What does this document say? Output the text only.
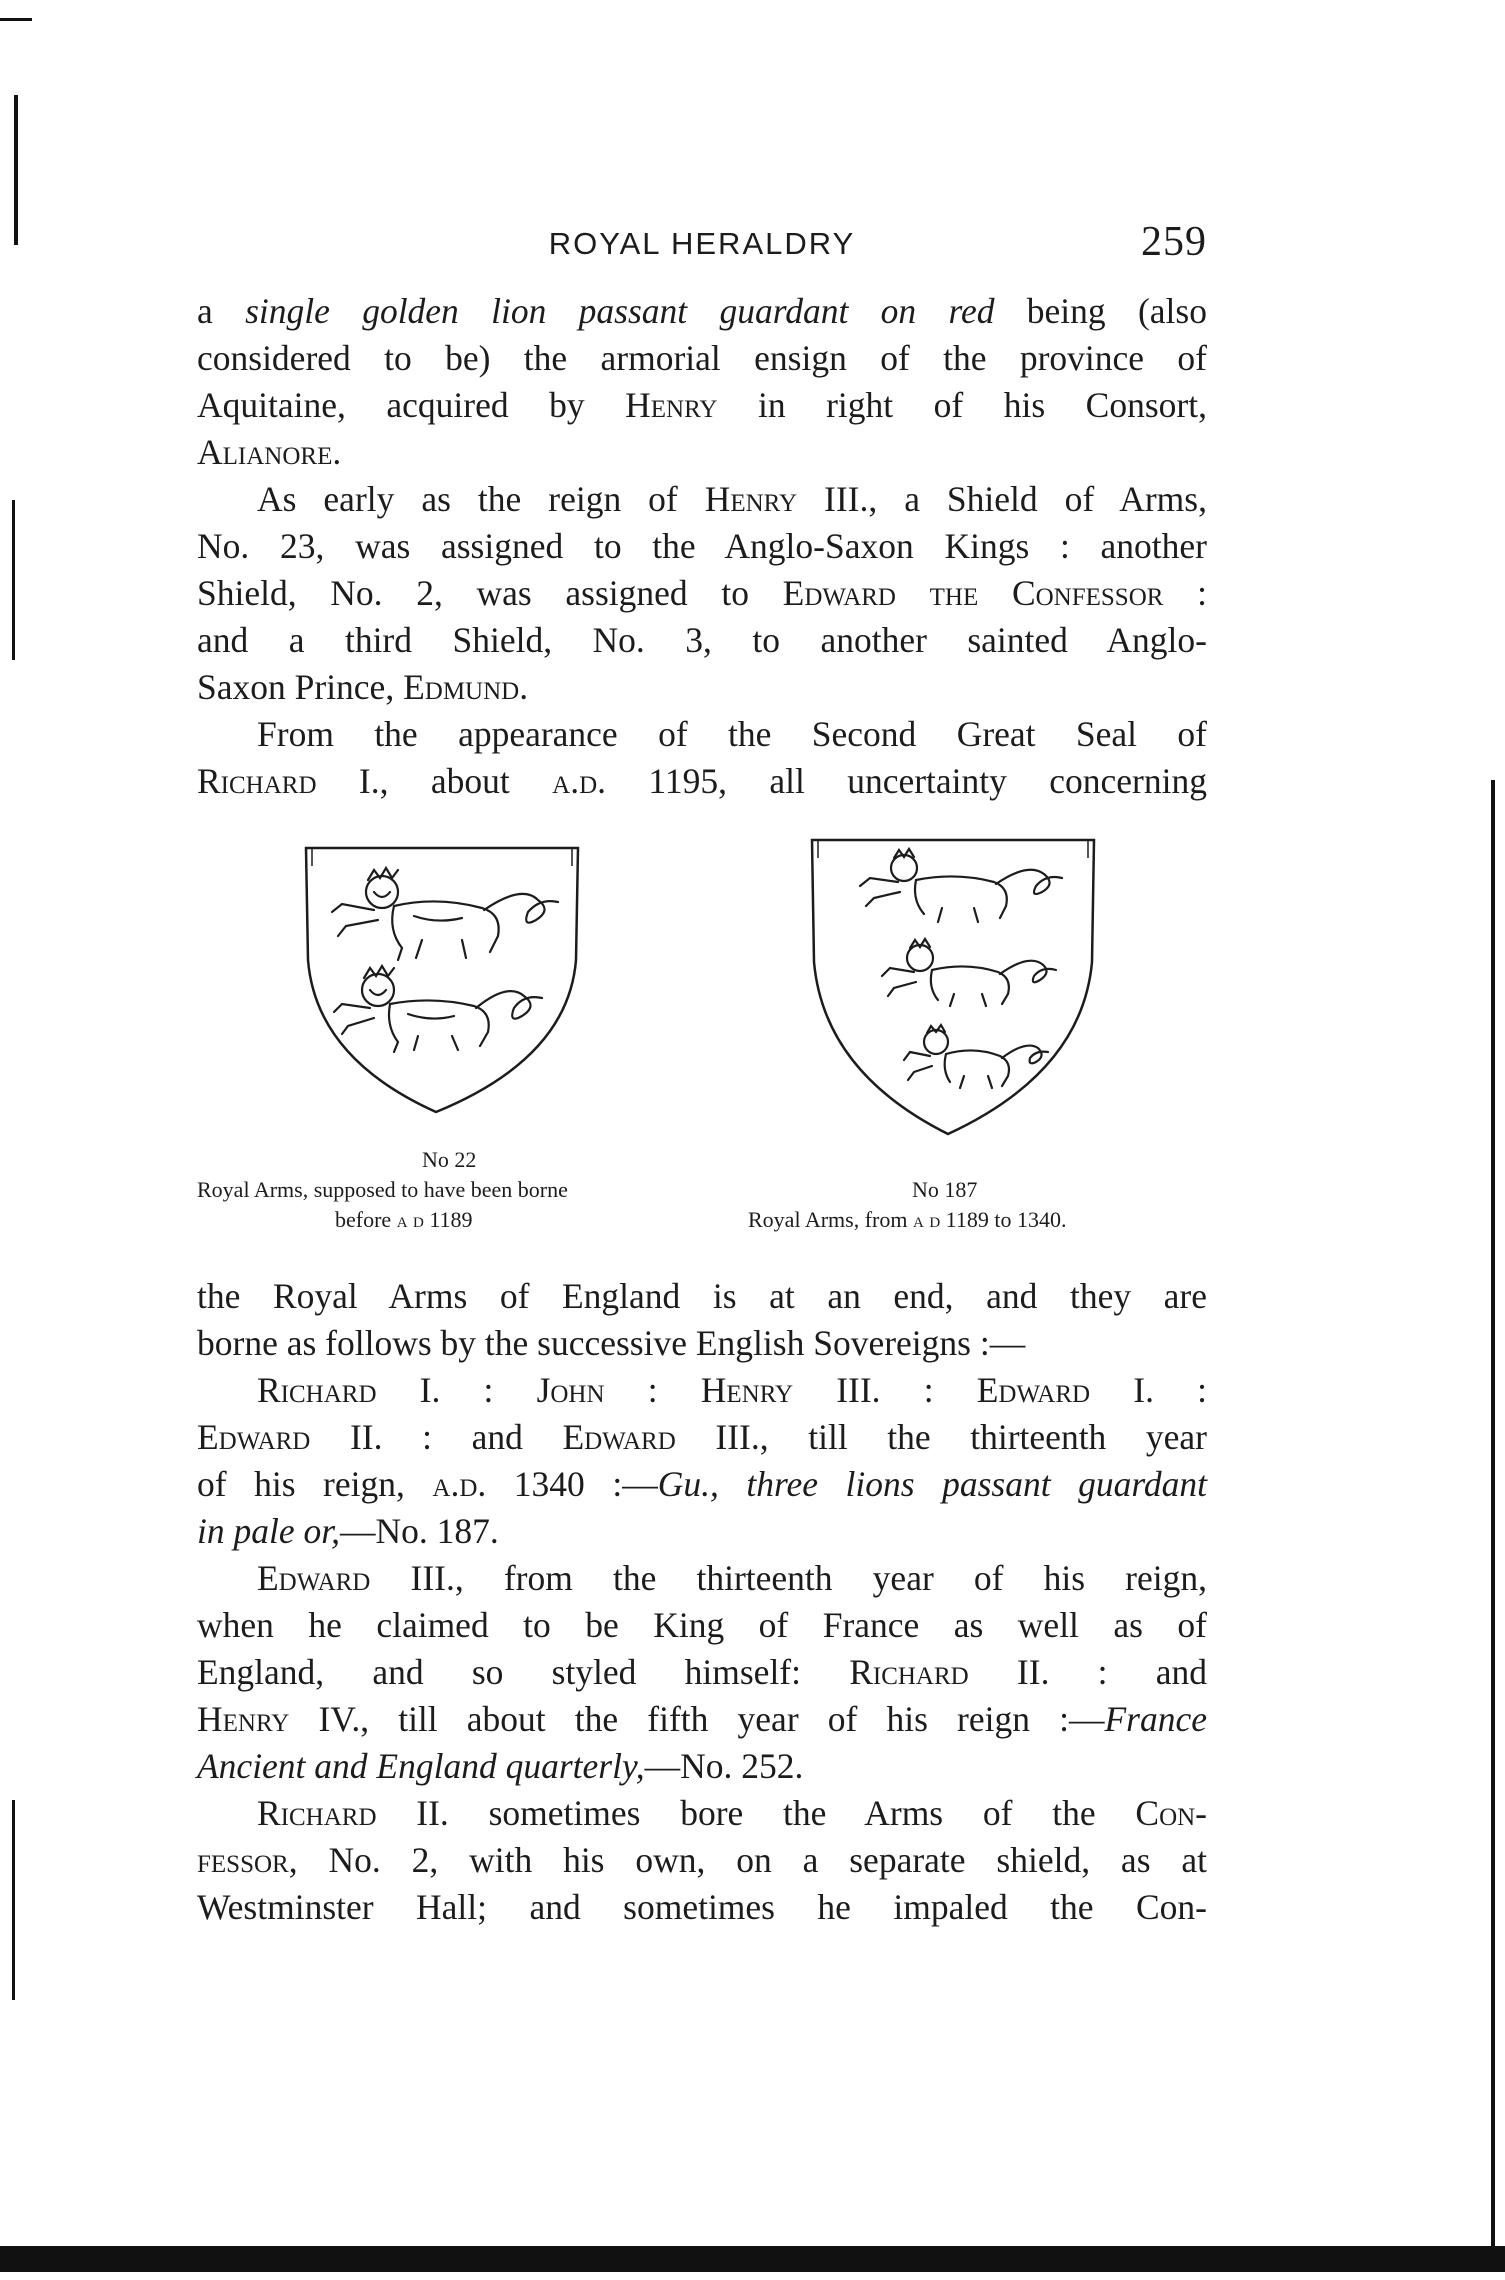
ROYAL HERALDRY	259
a single golden lion passant guardant on red being (also
considered to be) the armorial ensign of the province of
Aquitaine, acquired by Henry in right of his Consort,
Alianore.
As early as the reign of Henry III., a Shield of Arms,
No. 23, was assigned to the Anglo-Saxon Kings : another
Shield, No. 2, was assigned to Edward the Confessor :
and a third Shield, No. 3, to another sainted Anglo-
Saxon Prince, Edmund.
From the appearance of the Second Great Seal of
Richard I., about a.d. 1195, all uncertainty concerning
No 22
Royal Arms, supposed to have been borne
before a d 1189
No 187
Royal Arms, from a d 1189 to 1340.
the Royal Arms of England is at an end, and they are
borne as follows by the successive English Sovereigns :—
Richard I. : John : Henry III. : Edward I. :
Edward II. : and Edward III., till the thirteenth year
of his reign, a.d. 1340 :—Gu., three lions passant guardant
in pale or,—No. 187.
Edward III., from the thirteenth year of his reign,
when he claimed to be King of France as well as of
England, and so styled himself: Richard II. : and
Henry IV., till about the fifth year of his reign :—France
Ancient and England quarterly,—No. 252.
Richard II. sometimes bore the Arms of the Con-
fessor, No. 2, with his own, on a separate shield, as at
Westminster Hall; and sometimes he impaled the Con-
